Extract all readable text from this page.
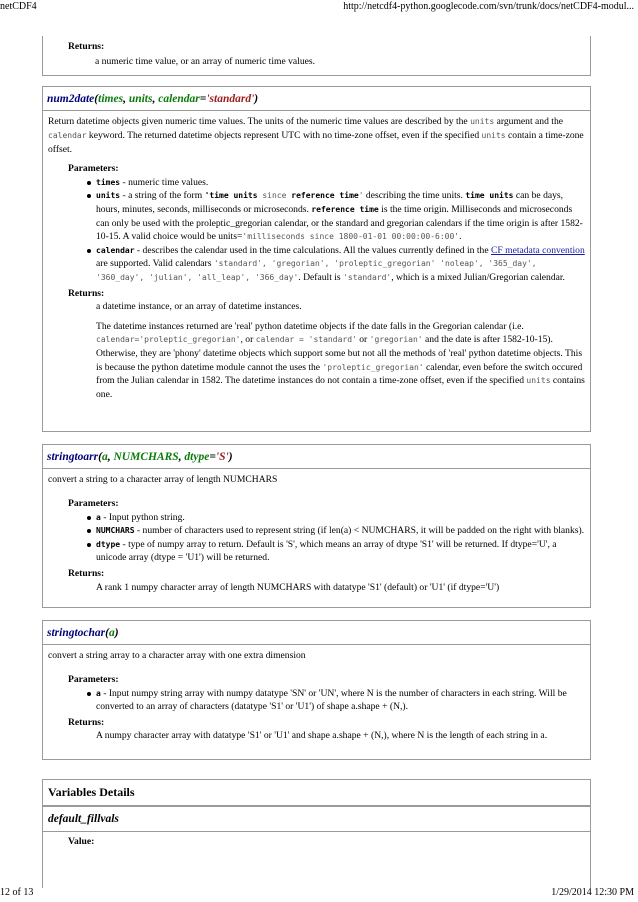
netCDF4	http://netcdf4-python.googlecode.com/svn/trunk/docs/netCDF4-modul...
12 of 13	1/29/2014 12:30 PM
Returns:
a numeric time value, or an array of numeric time values.
num2date(times, units, calendar='standard')
Return datetime objects given numeric time values. The units of the numeric time values are described by the units argument and the calendar keyword. The returned datetime objects represent UTC with no time-zone offset, even if the specified units contain a time-zone offset.
Parameters:
times - numeric time values.
units - a string of the form 'time units since reference time' describing the time units. time units can be days, hours, minutes, seconds, milliseconds or microseconds. reference time is the time origin. Milliseconds and microseconds can only be used with the proleptic_gregorian calendar, or the standard and gregorian calendars if the time origin is after 1582-10-15. A valid choice would be units='milliseconds since 1800-01-01 00:00:00-6:00'.
calendar - describes the calendar used in the time calculations. All the values currently defined in the CF metadata convention are supported. Valid calendars 'standard', 'gregorian', 'proleptic_gregorian' 'noleap', '365_day', '360_day', 'julian', 'all_leap', '366_day'. Default is 'standard', which is a mixed Julian/Gregorian calendar.
Returns:
a datetime instance, or an array of datetime instances.
The datetime instances returned are 'real' python datetime objects if the date falls in the Gregorian calendar (i.e. calendar='proleptic_gregorian', or calendar = 'standard' or 'gregorian' and the date is after 1582-10-15). Otherwise, they are 'phony' datetime objects which support some but not all the methods of 'real' python datetime objects. This is because the python datetime module cannot the uses the 'proleptic_gregorian' calendar, even before the switch occured from the Julian calendar in 1582. The datetime instances do not contain a time-zone offset, even if the specified units contains one.
stringtoarr(a, NUMCHARS, dtype='S')
convert a string to a character array of length NUMCHARS
Parameters:
a - Input python string.
NUMCHARS - number of characters used to represent string (if len(a) < NUMCHARS, it will be padded on the right with blanks).
dtype - type of numpy array to return. Default is 'S', which means an array of dtype 'S1' will be returned. If dtype='U', a unicode array (dtype = 'U1') will be returned.
Returns:
A rank 1 numpy character array of length NUMCHARS with datatype 'S1' (default) or 'U1' (if dtype='U')
stringtochar(a)
convert a string array to a character array with one extra dimension
Parameters:
a - Input numpy string array with numpy datatype 'SN' or 'UN', where N is the number of characters in each string. Will be converted to an array of characters (datatype 'S1' or 'U1') of shape a.shape + (N,).
Returns:
A numpy character array with datatype 'S1' or 'U1' and shape a.shape + (N,), where N is the length of each string in a.
Variables Details
default_fillvals
Value:
